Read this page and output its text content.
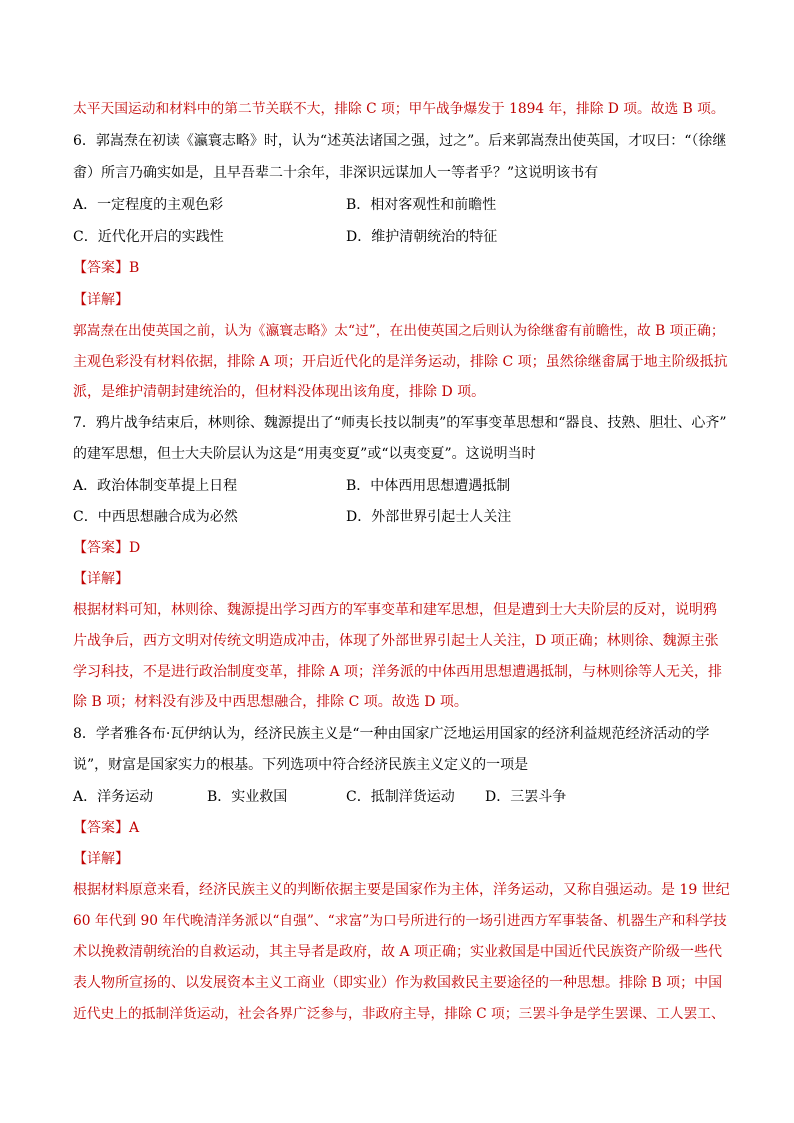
太平天国运动和材料中的第二节关联不大，排除 C 项；甲午战争爆发于 1894 年，排除 D 项。故选 B 项。
6．郭嵩焘在初读《瀛寰志略》时，认为“述英法诸国之强，过之”。后来郭嵩焘出使英国，才叹曰：“（徐继
畬）所言乃确实如是，且早吾辈二十余年，非深识远谋加人一等者乎？”这说明该书有
A．一定程度的主观色彩	B．相对客观性和前瞻性
C．近代化开启的实践性	D．维护清朝统治的特征
【答案】B
【详解】
郭嵩焘在出使英国之前，认为《瀛寰志略》太“过”，在出使英国之后则认为徐继畬有前瞻性，故 B 项正确；
主观色彩没有材料依据，排除 A 项；开启近代化的是洋务运动，排除 C 项；虽然徐继畬属于地主阶级抵抗
派，是维护清朝封建统治的，但材料没体现出该角度，排除 D 项。
7．鸦片战争结束后，林则徐、魏源提出了“师夷长技以制夷”的军事变革思想和“器良、技熟、胆壮、心齐”
的建军思想，但士大夫阶层认为这是“用夷变夏”或“以夷变夏”。这说明当时
A．政治体制变革提上日程	B．中体西用思想遭遇抵制
C．中西思想融合成为必然	D．外部世界引起士人关注
【答案】D
【详解】
根据材料可知，林则徐、魏源提出学习西方的军事变革和建军思想，但是遭到士大夫阶层的反对，说明鸦
片战争后，西方文明对传统文明造成冲击，体现了外部世界引起士人关注，D 项正确；林则徐、魏源主张
学习科技，不是进行政治制度变革，排除 A 项；洋务派的中体西用思想遭遇抵制，与林则徐等人无关，排
除 B 项；材料没有涉及中西思想融合，排除 C 项。故选 D 项。
8．学者雅各布·瓦伊纳认为，经济民族主义是“一种由国家广泛地运用国家的经济利益规范经济活动的学
说”，财富是国家实力的根基。下列选项中符合经济民族主义定义的一项是
A．洋务运动	B．实业救国	C．抵制洋货运动 D．三罢斗争
【答案】A
【详解】
根据材料原意来看，经济民族主义的判断依据主要是国家作为主体，洋务运动，又称自强运动。是 19 世纪
60 年代到 90 年代晚清洋务派以“自强”、“求富”为口号所进行的一场引进西方军事装备、机器生产和科学技
术以挽救清朝统治的自救运动，其主导者是政府，故 A 项正确；实业救国是中国近代民族资产阶级一些代
表人物所宣扬的、以发展资本主义工商业（即实业）作为救国救民主要途径的一种思想。排除 B 项；中国
近代史上的抵制洋货运动，社会各界广泛参与，非政府主导，排除 C 项；三罢斗争是学生罢课、工人罢工、
